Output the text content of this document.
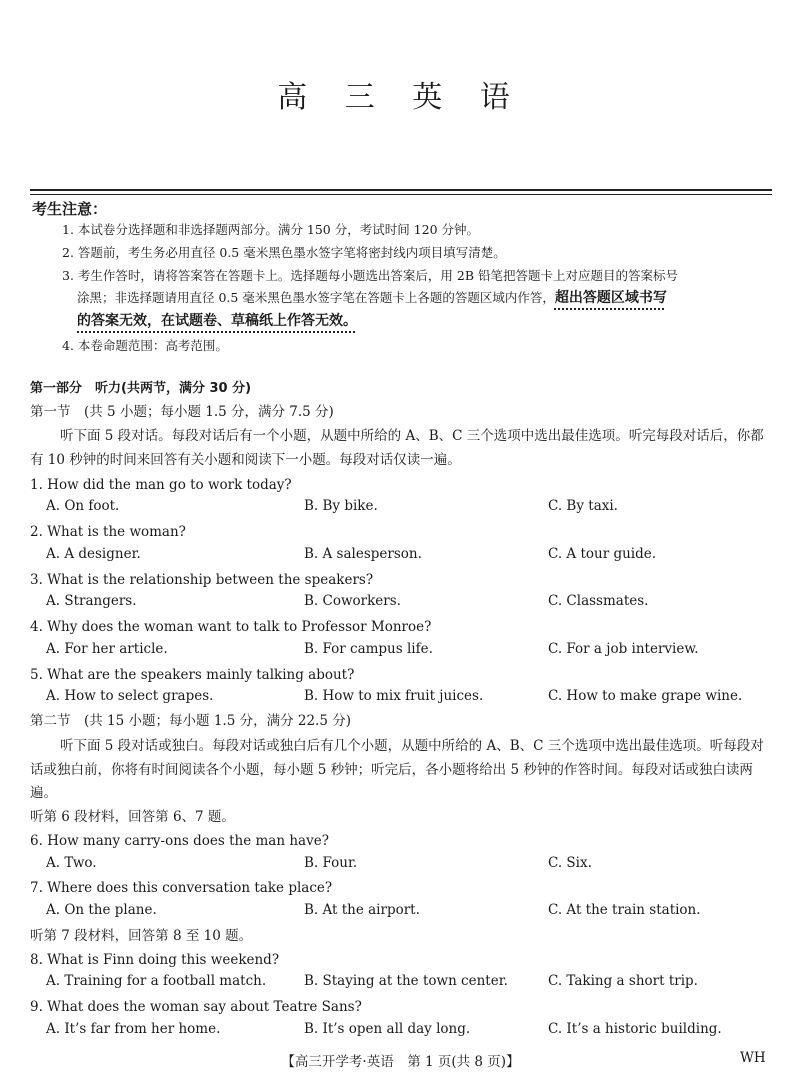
高 三 英 语
考生注意：
1. 本试卷分选择题和非选择题两部分。满分 150 分，考试时间 120 分钟。
2. 答题前，考生务必用直径 0.5 毫米黑色墨水签字笔将密封线内项目填写清楚。
3. 考生作答时，请将答案答在答题卡上。选择题每小题选出答案后，用 2B 铅笔把答题卡上对应题目的答案标号
涂黑；非选择题请用直径 0.5 毫米黑色墨水签字笔在答题卡上各题的答题区域内作答，超出答题区域书写
的答案无效，在试题卷、草稿纸上作答无效。
4. 本卷命题范围：高考范围。
第一部分　听力(共两节，满分 30 分)
第一节　(共 5 小题；每小题 1.5 分，满分 7.5 分)
听下面 5 段对话。每段对话后有一个小题，从题中所给的 A、B、C 三个选项中选出最佳选项。听完每段对话后，你都有 10 秒钟的时间来回答有关小题和阅读下一小题。每段对话仅读一遍。
1. How did the man go to work today?
A. On foot.	B. By bike.	C. By taxi.
2. What is the woman?
A. A designer.	B. A salesperson.	C. A tour guide.
3. What is the relationship between the speakers?
A. Strangers.	B. Coworkers.	C. Classmates.
4. Why does the woman want to talk to Professor Monroe?
A. For her article.	B. For campus life.	C. For a job interview.
5. What are the speakers mainly talking about?
A. How to select grapes.	B. How to mix fruit juices.	C. How to make grape wine.
第二节　(共 15 小题；每小题 1.5 分，满分 22.5 分)
听下面 5 段对话或独白。每段对话或独白后有几个小题，从题中所给的 A、B、C 三个选项中选出最佳选项。听每段对话或独白前，你将有时间阅读各个小题，每小题 5 秒钟；听完后，各小题将给出 5 秒钟的作答时间。每段对话或独白读两遍。
听第 6 段材料，回答第 6、7 题。
6. How many carry-ons does the man have?
A. Two.	B. Four.	C. Six.
7. Where does this conversation take place?
A. On the plane.	B. At the airport.	C. At the train station.
听第 7 段材料，回答第 8 至 10 题。
8. What is Finn doing this weekend?
A. Training for a football match.	B. Staying at the town center.	C. Taking a short trip.
9. What does the woman say about Teatre Sans?
A. It’s far from her home.	B. It’s open all day long.	C. It’s a historic building.
【高三开学考·英语　第 1 页(共 8 页)】	WH
